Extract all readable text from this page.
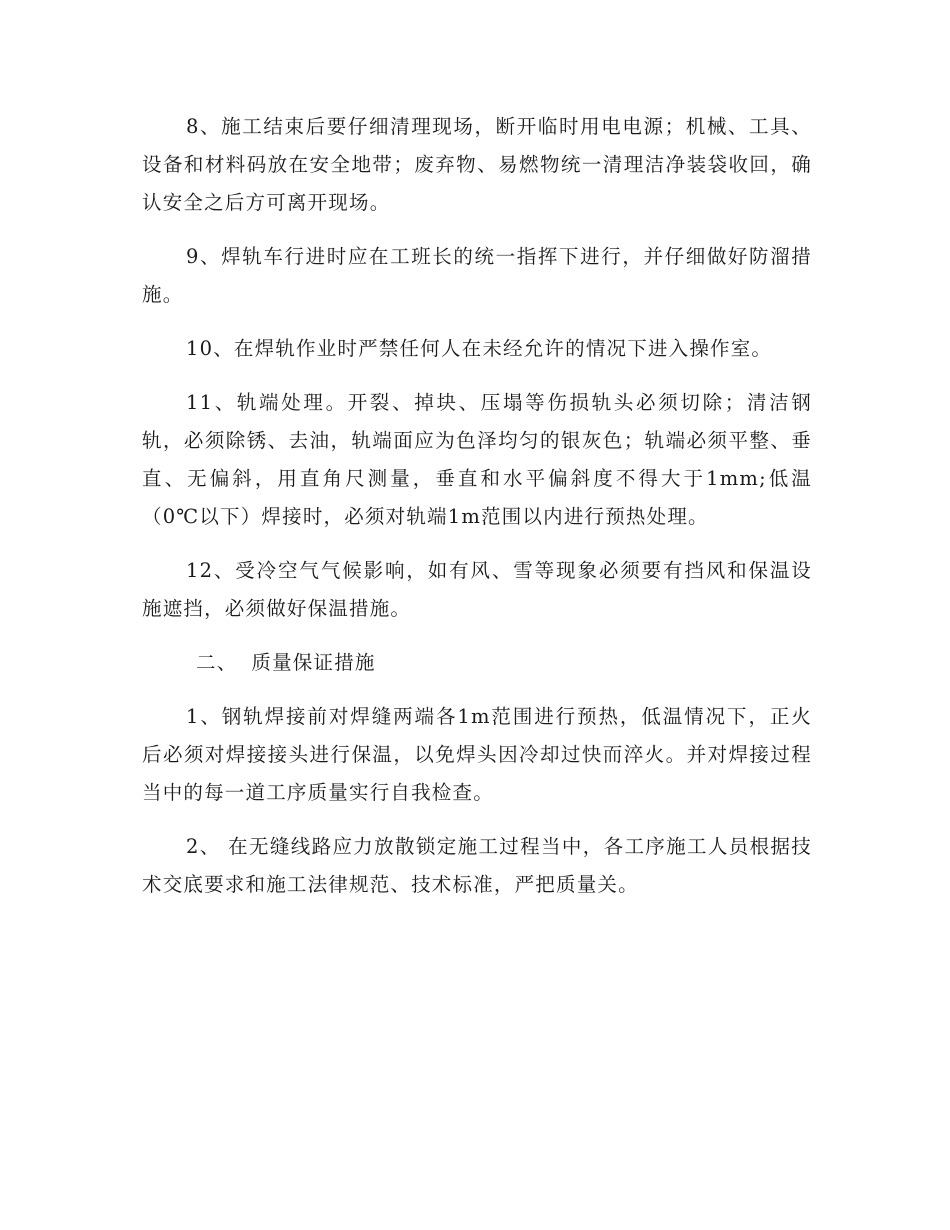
8、施工结束后要仔细清理现场，断开临时用电电源；机械、工具、设备和材料码放在安全地带；废弃物、易燃物统一清理洁净装袋收回，确认安全之后方可离开现场。

9、焊轨车行进时应在工班长的统一指挥下进行，并仔细做好防溜措施。

10、在焊轨作业时严禁任何人在未经允许的情况下进入操作室。

11、轨端处理。开裂、掉块、压塌等伤损轨头必须切除；清洁钢轨，必须除锈、去油，轨端面应为色泽均匀的银灰色；轨端必须平整、垂直、无偏斜，用直角尺测量，垂直和水平偏斜度不得大于1mm;低温（0℃以下）焊接时，必须对轨端1m范围以内进行预热处理。

12、受冷空气气候影响，如有风、雪等现象必须要有挡风和保温设施遮挡，必须做好保温措施。

二、 质量保证措施

1、钢轨焊接前对焊缝两端各1m范围进行预热，低温情况下，正火后必须对焊接接头进行保温，以免焊头因冷却过快而淬火。并对焊接过程当中的每一道工序质量实行自我检查。

2、 在无缝线路应力放散锁定施工过程当中，各工序施工人员根据技术交底要求和施工法律规范、技术标准，严把质量关。
